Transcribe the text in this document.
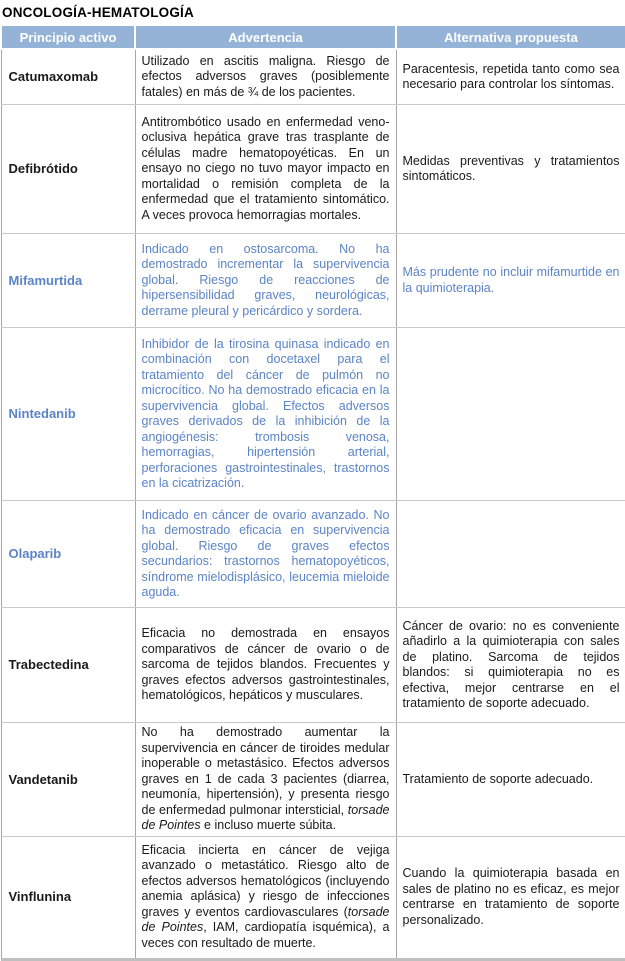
ONCOLOGÍA-HEMATOLOGÍA
Principio activo	Advertencia	Alternativa propuesta
Catumaxomab	Utilizado en ascitis maligna. Riesgo de efectos adversos graves (posiblemente fatales) en más de ¾ de los pacientes.	Paracentesis, repetida tanto como sea necesario para controlar los síntomas.
Defibrótido	Antitrombótico usado en enfermedad veno-oclusiva hepática grave tras trasplante de células madre hematopoyéticas. En un ensayo no ciego no tuvo mayor impacto en mortalidad o remisión completa de la enfermedad que el tratamiento sintomático. A veces provoca hemorragias mortales.	Medidas preventivas y tratamientos sintomáticos.
Mifamurtida	Indicado en ostosarcoma. No ha demostrado incrementar la supervivencia global. Riesgo de reacciones de hipersensibilidad graves, neurológicas, derrame pleural y pericárdico y sordera.	Más prudente no incluir mifamurtide en la quimioterapia.
Nintedanib	Inhibidor de la tirosina quinasa indicado en combinación con docetaxel para el tratamiento del cáncer de pulmón no microcítico. No ha demostrado eficacia en la supervivencia global. Efectos adversos graves derivados de la inhibición de la angiogénesis: trombosis venosa, hemorragias, hipertensión arterial, perforaciones gastrointestinales, trastornos en la cicatrización.	
Olaparib	Indicado en cáncer de ovario avanzado. No ha demostrado eficacia en supervivencia global. Riesgo de graves efectos secundarios: trastornos hematopoyéticos, síndrome mielodisplásico, leucemia mieloide aguda.	
Trabectedina	Eficacia no demostrada en ensayos comparativos de cáncer de ovario o de sarcoma de tejidos blandos. Frecuentes y graves efectos adversos gastrointestinales, hematológicos, hepáticos y musculares.	Cáncer de ovario: no es conveniente añadirlo a la quimioterapia con sales de platino. Sarcoma de tejidos blandos: si quimioterapia no es efectiva, mejor centrarse en el tratamiento de soporte adecuado.
Vandetanib	No ha demostrado aumentar la supervivencia en cáncer de tiroides medular inoperable o metastásico. Efectos adversos graves en 1 de cada 3 pacientes (diarrea, neumonía, hipertensión), y presenta riesgo de enfermedad pulmonar intersticial, torsade de Pointes e incluso muerte súbita.	Tratamiento de soporte adecuado.
Vinflunina	Eficacia incierta en cáncer de vejiga avanzado o metastático. Riesgo alto de efectos adversos hematológicos (incluyendo anemia aplásica) y riesgo de infecciones graves y eventos cardiovasculares (torsade de Pointes, IAM, cardiopatía isquémica), a veces con resultado de muerte.	Cuando la quimioterapia basada en sales de platino no es eficaz, es mejor centrarse en tratamiento de soporte personalizado.
